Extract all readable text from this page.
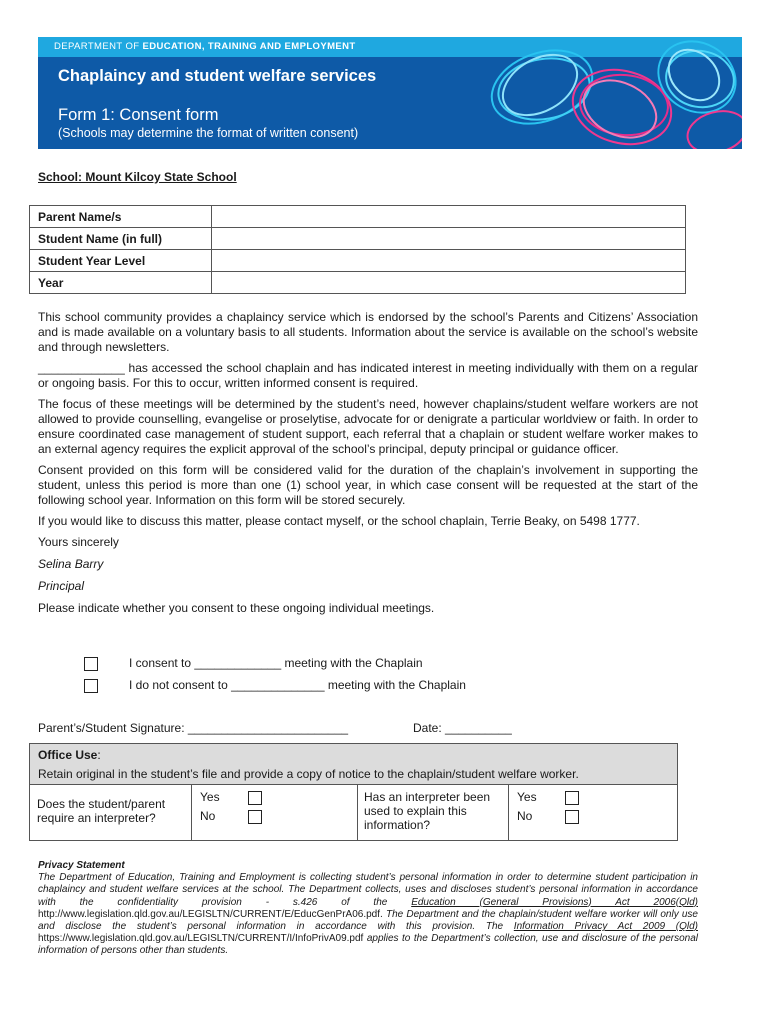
DEPARTMENT OF EDUCATION, TRAINING AND EMPLOYMENT
Chaplaincy and student welfare services
Form 1: Consent form
(Schools may determine the format of written consent)
School: Mount Kilcoy State School
Parent Name/s	
Student Name (in full)	
Student Year Level	
Year	

This school community provides a chaplaincy service which is endorsed by the school’s Parents and Citizens’ Association and is made available on a voluntary basis to all students. Information about the service is available on the school’s website and through newsletters.

_____________ has accessed the school chaplain and has indicated interest in meeting individually with them on a regular or ongoing basis. For this to occur, written informed consent is required.

The focus of these meetings will be determined by the student’s need, however chaplains/student welfare workers are not allowed to provide counselling, evangelise or proselytise, advocate for or denigrate a particular worldview or faith. In order to ensure coordinated case management of student support, each referral that a chaplain or student welfare worker makes to an external agency requires the explicit approval of the school’s principal, deputy principal or guidance officer.

Consent provided on this form will be considered valid for the duration of the chaplain’s involvement in supporting the student, unless this period is more than one (1) school year, in which case consent will be requested at the start of the following school year. Information on this form will be stored securely.

If you would like to discuss this matter, please contact myself, or the school chaplain, Terrie Beaky, on 5498 1777.

Yours sincerely

Selina Barry

Principal

Please indicate whether you consent to these ongoing individual meetings.

I consent to _____________ meeting with the Chaplain
I do not consent to ______________ meeting with the Chaplain
Parent’s/Student Signature: ________________________	Date: __________
Office Use:
Retain original in the student’s file and provide a copy of notice to the chaplain/student welfare worker.
Does the student/parent require an interpreter?
Yes
No
Has an interpreter been used to explain this information?
Yes
No
Privacy Statement
The Department of Education, Training and Employment is collecting student’s personal information in order to determine student participation in chaplaincy and student welfare services at the school. The Department collects, uses and discloses student’s personal information in accordance with the confidentiality provision - s.426 of the Education (General Provisions) Act 2006(Qld) http://www.legislation.qld.gov.au/LEGISLTN/CURRENT/E/EducGenPrA06.pdf. The Department and the chaplain/student welfare worker will only use and disclose the student’s personal information in accordance with this provision. The Information Privacy Act 2009 (Qld) https://www.legislation.qld.gov.au/LEGISLTN/CURRENT/I/InfoPrivA09.pdf applies to the Department’s collection, use and disclosure of the personal information of persons other than students.
